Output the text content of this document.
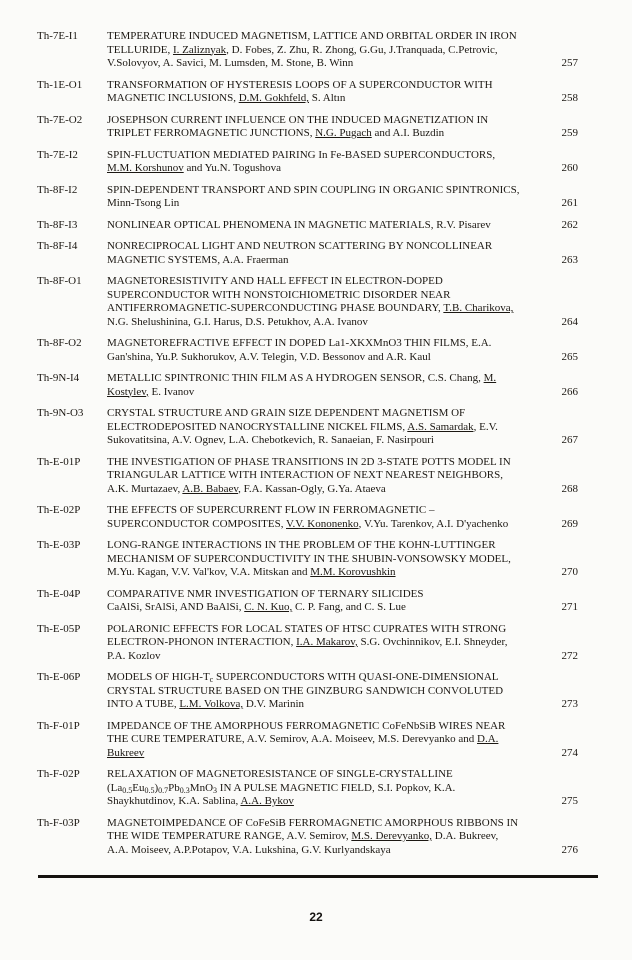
Th-7E-I1	TEMPERATURE INDUCED MAGNETISM, LATTICE AND ORBITAL ORDER IN IRON
TELLURIDE, I. Zaliznyak, D. Fobes, Z. Zhu, R. Zhong, G.Gu, J.Tranquada, C.Petrovic,
V.Solovyov, A. Savici, M. Lumsden, M. Stone, B. Winn	257
Th-1E-O1	TRANSFORMATION OF HYSTERESIS LOOPS OF A SUPERCONDUCTOR WITH
MAGNETIC INCLUSIONS, D.M. Gokhfeld, S. Altın	258
Th-7E-O2	JOSEPHSON CURRENT INFLUENCE ON THE INDUCED MAGNETIZATION IN
TRIPLET FERROMAGNETIC JUNCTIONS, N.G. Pugach and A.I. Buzdin	259
Th-7E-I2	SPIN-FLUCTUATION MEDIATED PAIRING In Fe-BASED SUPERCONDUCTORS,
M.M. Korshunov and Yu.N. Togushova	260
Th-8F-I2	SPIN-DEPENDENT TRANSPORT AND SPIN COUPLING IN ORGANIC SPINTRONICS,
Minn-Tsong Lin	261
Th-8F-I3	NONLINEAR OPTICAL PHENOMENA IN MAGNETIC MATERIALS, R.V. Pisarev	262
Th-8F-I4	NONRECIPROCAL LIGHT AND NEUTRON SCATTERING BY NONCOLLINEAR
MAGNETIC SYSTEMS, A.A. Fraerman	263
Th-8F-O1	MAGNETORESISTIVITY AND HALL EFFECT IN ELECTRON-DOPED
SUPERCONDUCTOR WITH NONSTOICHIOMETRIC DISORDER NEAR
ANTIFERROMAGNETIC-SUPERCONDUCTING PHASE BOUNDARY, T.B. Charikova,
N.G. Shelushinina, G.I. Harus, D.S. Petukhov, A.A. Ivanov	264
Th-8F-O2	MAGNETOREFRACTIVE EFFECT IN DOPED La1-XKXMnO3 THIN FILMS, E.A.
Gan'shina, Yu.P. Sukhorukov, A.V. Telegin, V.D. Bessonov and A.R. Kaul	265
Th-9N-I4	METALLIC SPINTRONIC THIN FILM AS A HYDROGEN SENSOR, C.S. Chang, M.
Kostylev, E. Ivanov	266
Th-9N-O3	CRYSTAL STRUCTURE AND GRAIN SIZE DEPENDENT MAGNETISM OF
ELECTRODEPOSITED NANOCRYSTALLINE NICKEL FILMS, A.S. Samardak, E.V.
Sukovatitsina, A.V. Ognev, L.A. Chebotkevich, R. Sanaeian, F. Nasirpouri	267
Th-E-01P	THE INVESTIGATION OF PHASE TRANSITIONS IN 2D 3-STATE POTTS MODEL IN
TRIANGULAR LATTICE WITH INTERACTION OF NEXT NEAREST NEIGHBORS,
A.K. Murtazaev, A.B. Babaev, F.A. Kassan-Ogly, G.Ya. Ataeva	268
Th-E-02P	THE EFFECTS OF SUPERCURRENT FLOW IN FERROMAGNETIC –
SUPERCONDUCTOR COMPOSITES, V.V. Kononenko, V.Yu. Tarenkov, A.I. D'yachenko	269
Th-E-03P	LONG-RANGE INTERACTIONS IN THE PROBLEM OF THE KOHN-LUTTINGER
MECHANISM OF SUPERCONDUCTIVITY IN THE SHUBIN-VONSOWSKY MODEL,
M.Yu. Kagan, V.V. Val'kov, V.A. Mitskan and M.M. Korovushkin	270
Th-E-04P	COMPARATIVE NMR INVESTIGATION OF TERNARY SILICIDES
CaAlSi, SrAlSi, AND BaAlSi, C. N. Kuo, C. P. Fang, and C. S. Lue	271
Th-E-05P	POLARONIC EFFECTS FOR LOCAL STATES OF HTSC CUPRATES WITH STRONG
ELECTRON-PHONON INTERACTION, I.A. Makarov, S.G. Ovchinnikov, E.I. Shneyder,
P.A. Kozlov	272
Th-E-06P	MODELS OF HIGH-$T_c$ SUPERCONDUCTORS WITH QUASI-ONE-DIMENSIONAL
CRYSTAL STRUCTURE BASED ON THE GINZBURG SANDWICH CONVOLUTED
INTO A TUBE, L.M. Volkova, D.V. Marinin	273
Th-F-01P	IMPEDANCE OF THE AMORPHOUS FERROMAGNETIC CoFeNbSiB WIRES NEAR
THE CURE TEMPERATURE, A.V. Semirov, A.A. Moiseev, M.S. Derevyanko and D.A.
Bukreev	274
Th-F-02P	RELAXATION OF MAGNETORESISTANCE OF SINGLE-CRYSTALLINE
$(La_{0.5}Eu_{0.5})_{0.7}Pb_{0.3}MnO_3$ IN A PULSE MAGNETIC FIELD, S.I. Popkov, K.A.
Shaykhutdinov, K.A. Sablina, A.A. Bykov	275
Th-F-03P	MAGNETOIMPEDANCE OF CoFeSiB FERROMAGNETIC AMORPHOUS RIBBONS IN
THE WIDE TEMPERATURE RANGE, A.V. Semirov, M.S. Derevyanko, D.A. Bukreev,
A.A. Moiseev, A.P.Potapov, V.A. Lukshina, G.V. Kurlyandskaya	276
22
